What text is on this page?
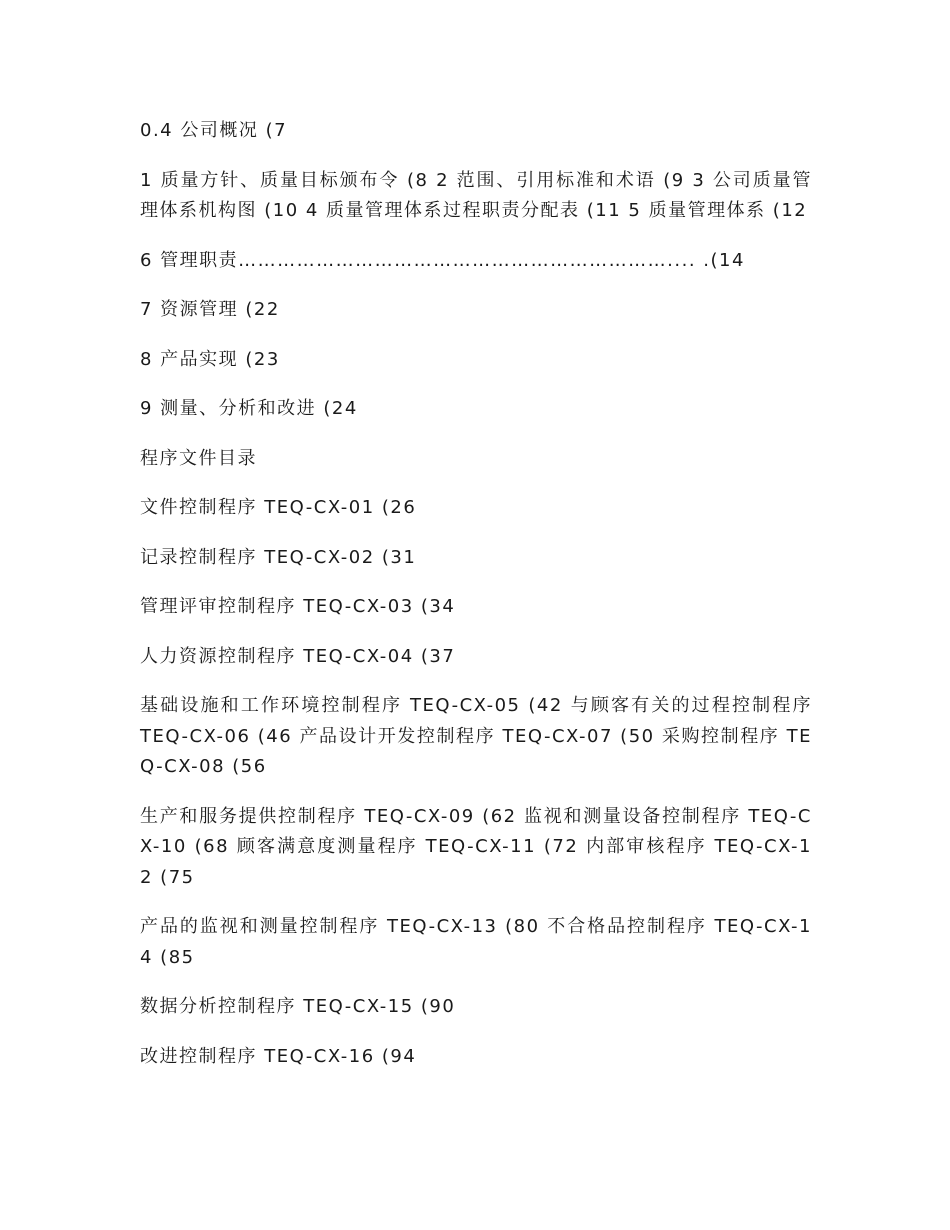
0.4 公司概况 (7

1 质量方针、质量目标颁布令 (8 2 范围、引用标准和术语 (9 3 公司质量管理体系机构图 (10 4 质量管理体系过程职责分配表 (11 5 质量管理体系 (12

6 管理职责………………………………………………………….... .(14

7 资源管理 (22

8 产品实现 (23

9 测量、分析和改进 (24

程序文件目录

文件控制程序 TEQ-CX-01 (26

记录控制程序 TEQ-CX-02 (31

管理评审控制程序 TEQ-CX-03 (34

人力资源控制程序 TEQ-CX-04 (37

基础设施和工作环境控制程序 TEQ-CX-05 (42 与顾客有关的过程控制程序 TEQ-CX-06 (46 产品设计开发控制程序 TEQ-CX-07 (50 采购控制程序 TEQ-CX-08 (56

生产和服务提供控制程序 TEQ-CX-09 (62 监视和测量设备控制程序 TEQ-CX-10 (68 顾客满意度测量程序 TEQ-CX-11 (72 内部审核程序 TEQ-CX-12 (75

产品的监视和测量控制程序 TEQ-CX-13 (80 不合格品控制程序 TEQ-CX-14 (85

数据分析控制程序 TEQ-CX-15 (90

改进控制程序 TEQ-CX-16 (94
